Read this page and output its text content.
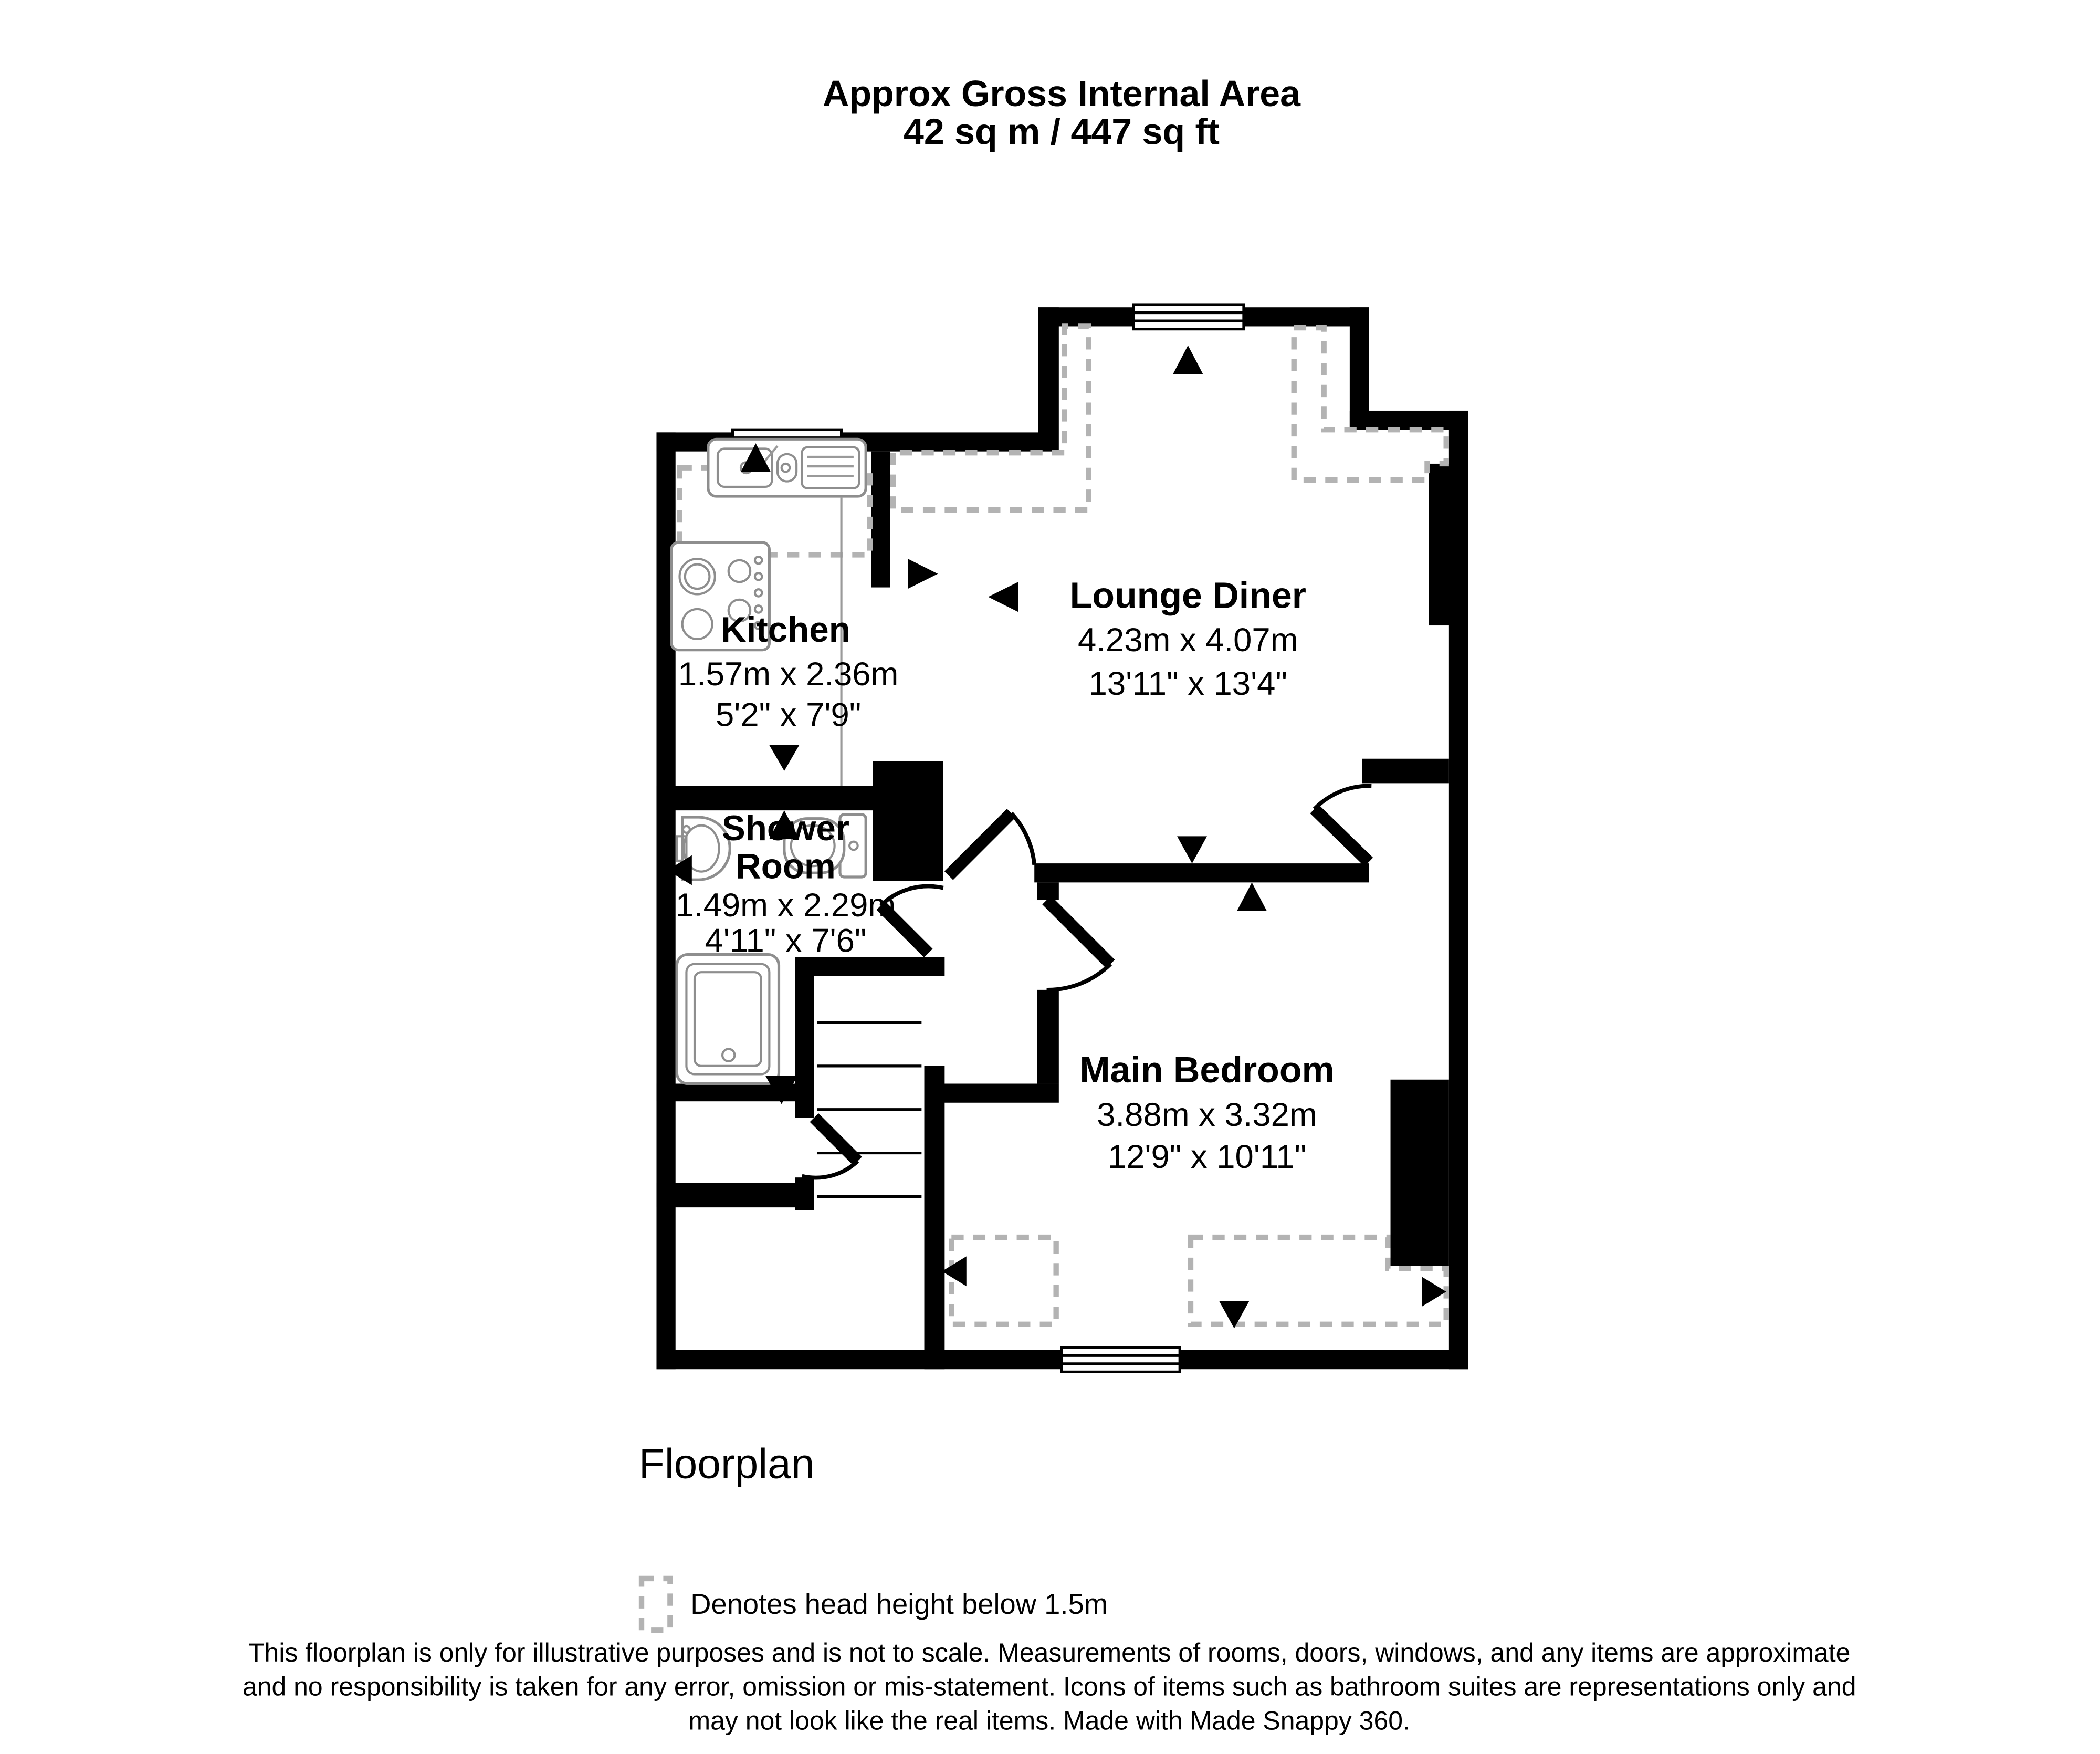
Approx Gross Internal Area
42 sq m / 447 sq ft
Lounge Diner
4.23m x 4.07m
13'11" x 13'4"
Kitchen
1.57m x 2.36m
5'2" x 7'9"
Shower
Room
1.49m x 2.29m
4'11" x 7'6"
Main Bedroom
3.88m x 3.32m
12'9" x 10'11"
Floorplan
Denotes head height below 1.5m
This floorplan is only for illustrative purposes and is not to scale. Measurements of rooms, doors, windows, and any items are approximate
and no responsibility is taken for any error, omission or mis-statement. Icons of items such as bathroom suites are representations only and
may not look like the real items. Made with Made Snappy 360.
